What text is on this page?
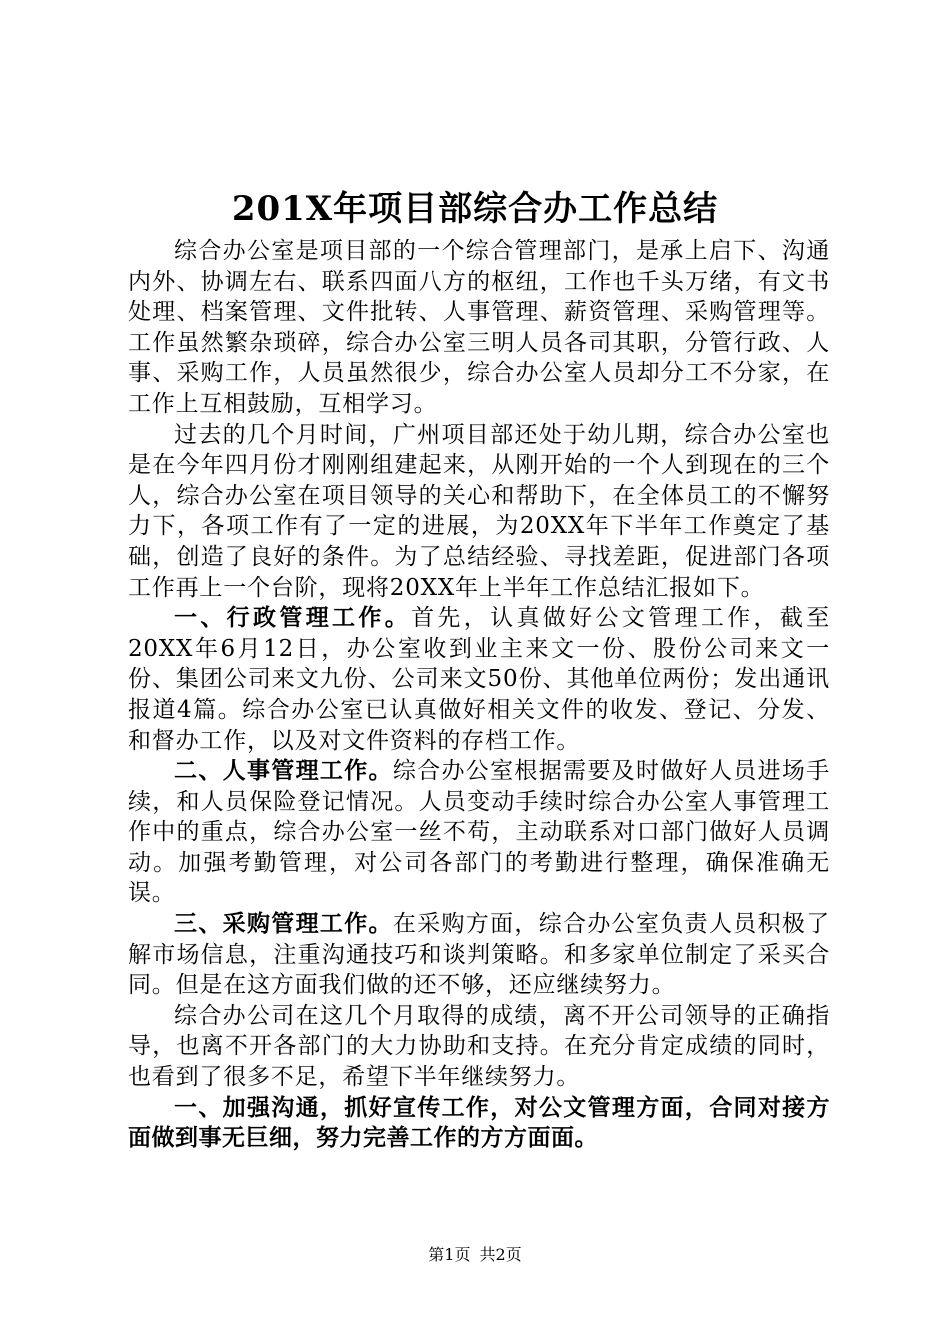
201X年项目部综合办工作总结

综合办公室是项目部的一个综合管理部门，是承上启下、沟通内外、协调左右、联系四面八方的枢纽，工作也千头万绪，有文书处理、档案管理、文件批转、人事管理、薪资管理、采购管理等。工作虽然繁杂琐碎，综合办公室三明人员各司其职，分管行政、人事、采购工作，人员虽然很少，综合办公室人员却分工不分家，在工作上互相鼓励，互相学习。

过去的几个月时间，广州项目部还处于幼儿期，综合办公室也是在今年四月份才刚刚组建起来，从刚开始的一个人到现在的三个人，综合办公室在项目领导的关心和帮助下，在全体员工的不懈努力下，各项工作有了一定的进展，为20XX年下半年工作奠定了基础，创造了良好的条件。为了总结经验、寻找差距，促进部门各项工作再上一个台阶，现将20XX年上半年工作总结汇报如下。

一、行政管理工作。首先，认真做好公文管理工作，截至20XX年6月12日，办公室收到业主来文一份、股份公司来文一份、集团公司来文九份、公司来文50份、其他单位两份；发出通讯报道4篇。综合办公室已认真做好相关文件的收发、登记、分发、和督办工作，以及对文件资料的存档工作。

二、人事管理工作。综合办公室根据需要及时做好人员进场手续，和人员保险登记情况。人员变动手续时综合办公室人事管理工作中的重点，综合办公室一丝不苟，主动联系对口部门做好人员调动。加强考勤管理，对公司各部门的考勤进行整理，确保准确无误。

三、采购管理工作。在采购方面，综合办公室负责人员积极了解市场信息，注重沟通技巧和谈判策略。和多家单位制定了采买合同。但是在这方面我们做的还不够，还应继续努力。

综合办公司在这几个月取得的成绩，离不开公司领导的正确指导，也离不开各部门的大力协助和支持。在充分肯定成绩的同时，也看到了很多不足，希望下半年继续努力。

一、加强沟通，抓好宣传工作，对公文管理方面，合同对接方面做到事无巨细，努力完善工作的方方面面。

第1页 共2页
